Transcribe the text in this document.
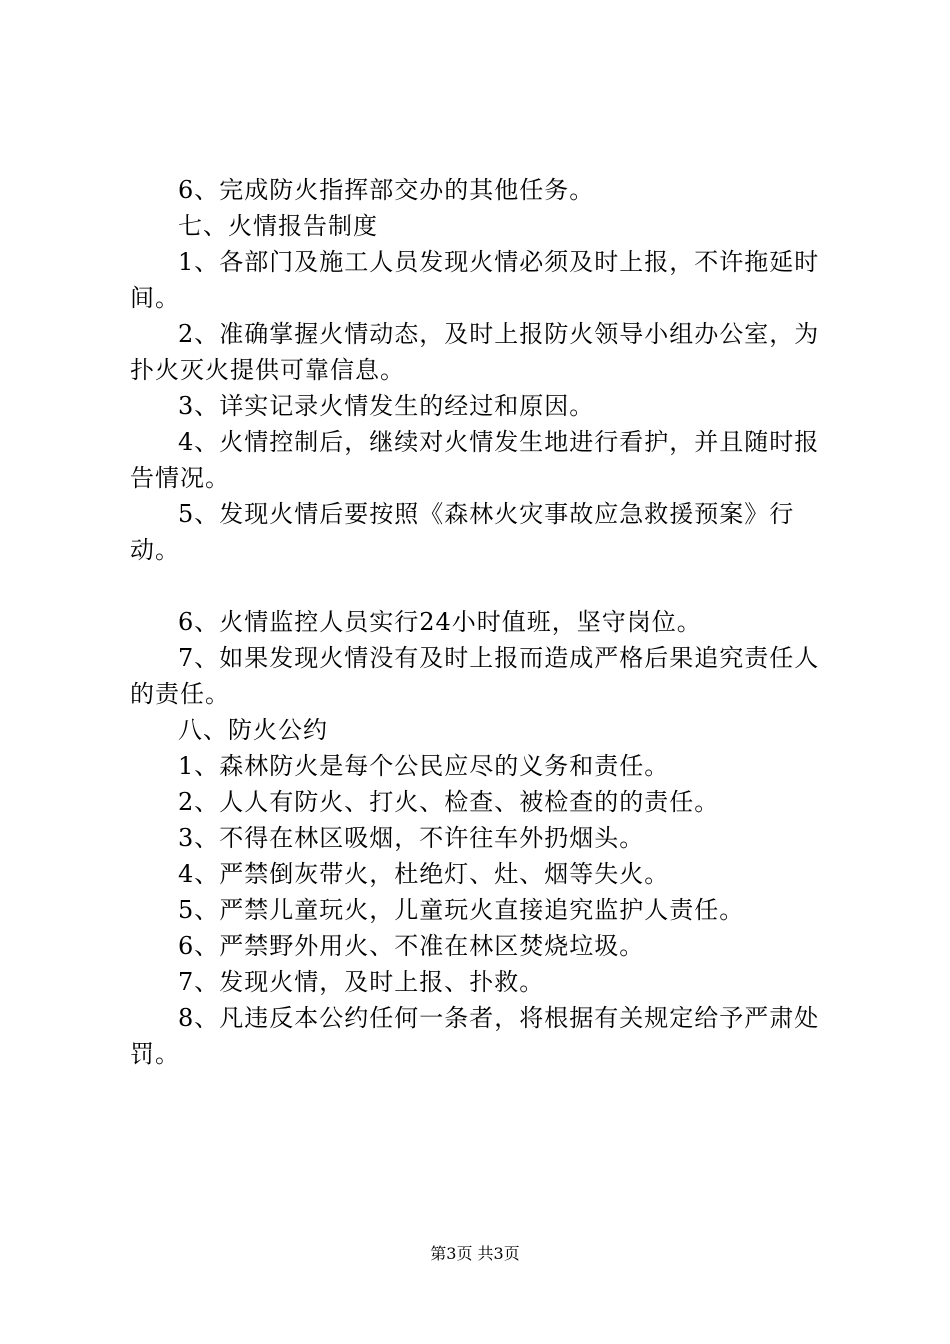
6、完成防火指挥部交办的其他任务。

七、火情报告制度

1、各部门及施工人员发现火情必须及时上报，不许拖延时间。

2、准确掌握火情动态，及时上报防火领导小组办公室，为扑火灭火提供可靠信息。

3、详实记录火情发生的经过和原因。

4、火情控制后，继续对火情发生地进行看护，并且随时报告情况。

5、发现火情后要按照《森林火灾事故应急救援预案》行动。

6、火情监控人员实行24小时值班，坚守岗位。

7、如果发现火情没有及时上报而造成严格后果追究责任人的责任。

八、防火公约

1、森林防火是每个公民应尽的义务和责任。

2、人人有防火、打火、检查、被检查的的责任。

3、不得在林区吸烟，不许往车外扔烟头。

4、严禁倒灰带火，杜绝灯、灶、烟等失火。

5、严禁儿童玩火，儿童玩火直接追究监护人责任。

6、严禁野外用火、不准在林区焚烧垃圾。

7、发现火情，及时上报、扑救。

8、凡违反本公约任何一条者，将根据有关规定给予严肃处罚。

第3页 共3页
